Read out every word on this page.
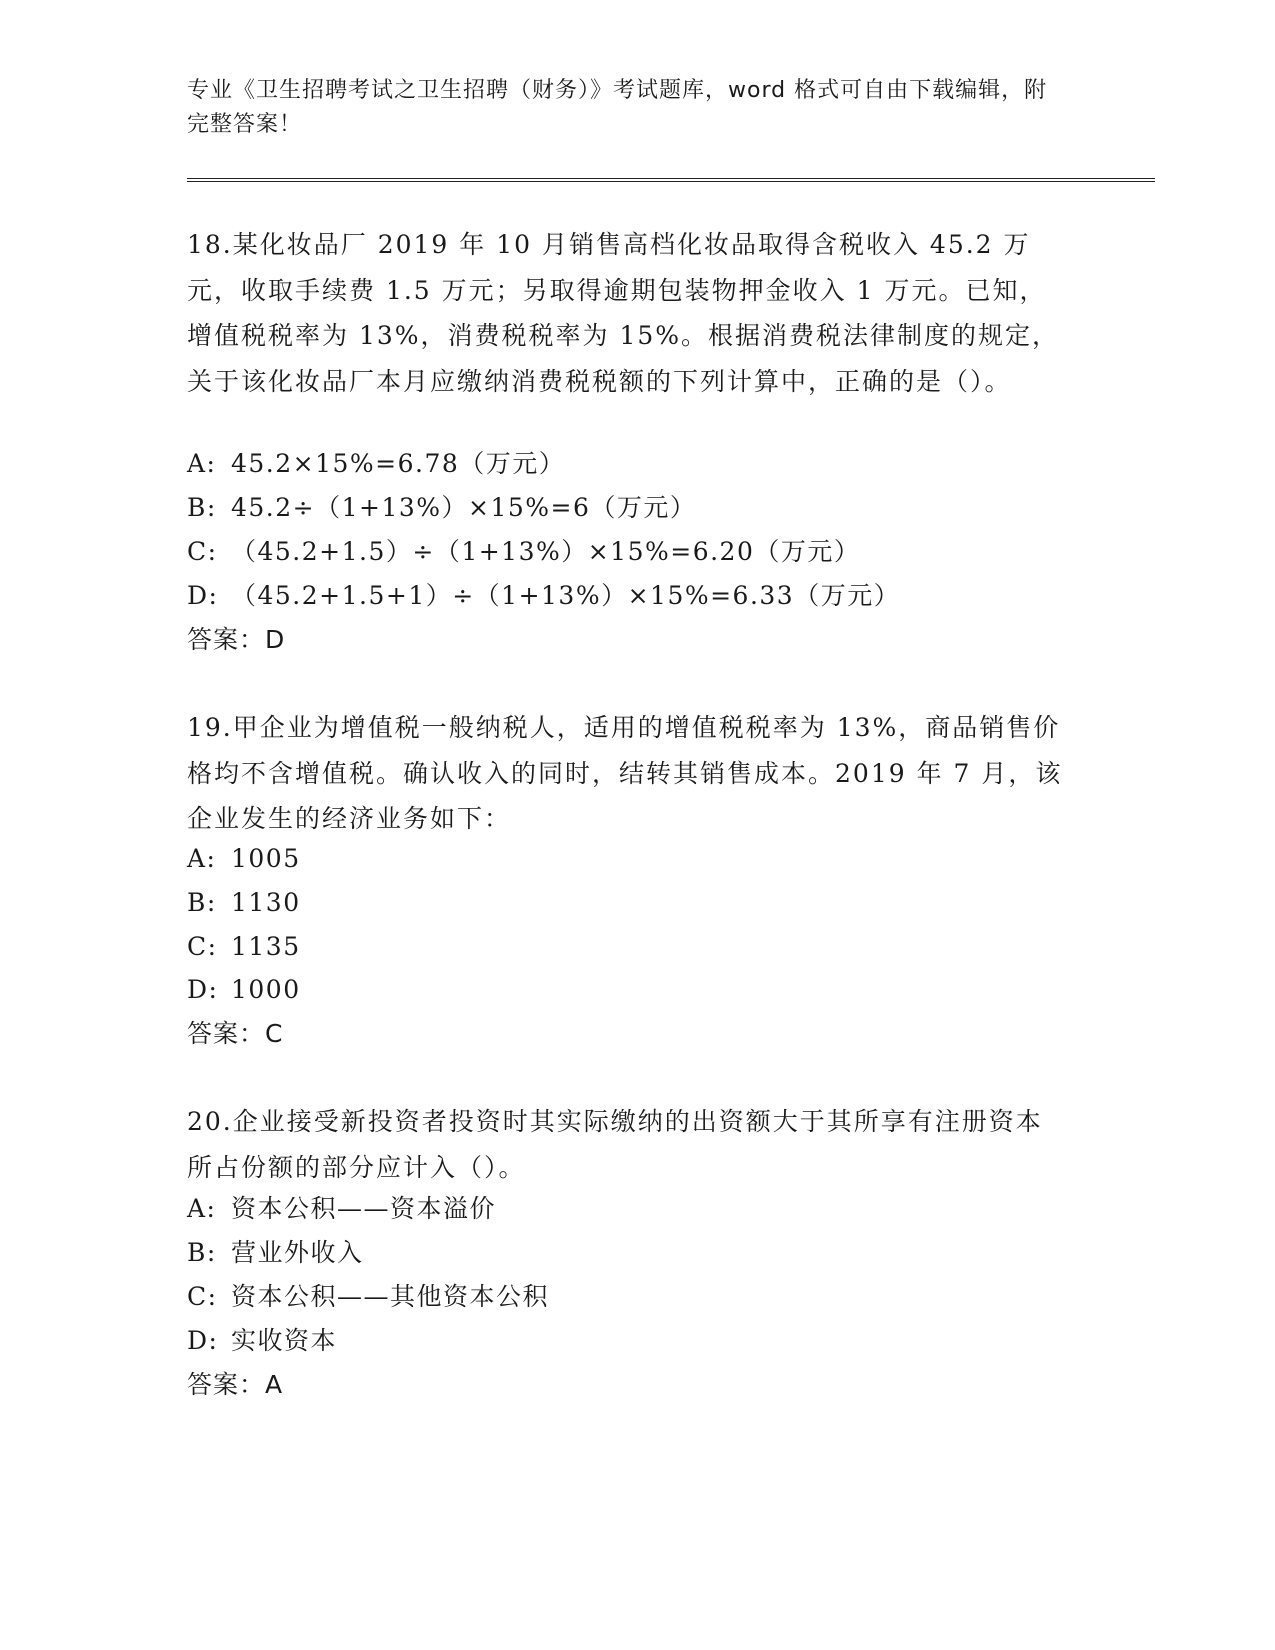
专业《卫生招聘考试之卫生招聘（财务）》考试题库，word 格式可自由下载编辑，附完整答案！
18.某化妆品厂 2019 年 10 月销售高档化妆品取得含税收入 45.2 万元，收取手续费 1.5 万元；另取得逾期包装物押金收入 1 万元。已知，增值税税率为 13%，消费税税率为 15%。根据消费税法律制度的规定，关于该化妆品厂本月应缴纳消费税税额的下列计算中，正确的是（）。
A: 45.2×15%=6.78（万元）
B: 45.2÷（1+13%）×15%=6（万元）
C: （45.2+1.5）÷（1+13%）×15%=6.20（万元）
D: （45.2+1.5+1）÷（1+13%）×15%=6.33（万元）
答案：D
19.甲企业为增值税一般纳税人，适用的增值税税率为 13%，商品销售价格均不含增值税。确认收入的同时，结转其销售成本。2019 年 7 月，该企业发生的经济业务如下：
A: 1005
B: 1130
C: 1135
D: 1000
答案：C
20.企业接受新投资者投资时其实际缴纳的出资额大于其所享有注册资本所占份额的部分应计入（）。
A: 资本公积——资本溢价
B: 营业外收入
C: 资本公积——其他资本公积
D: 实收资本
答案：A
